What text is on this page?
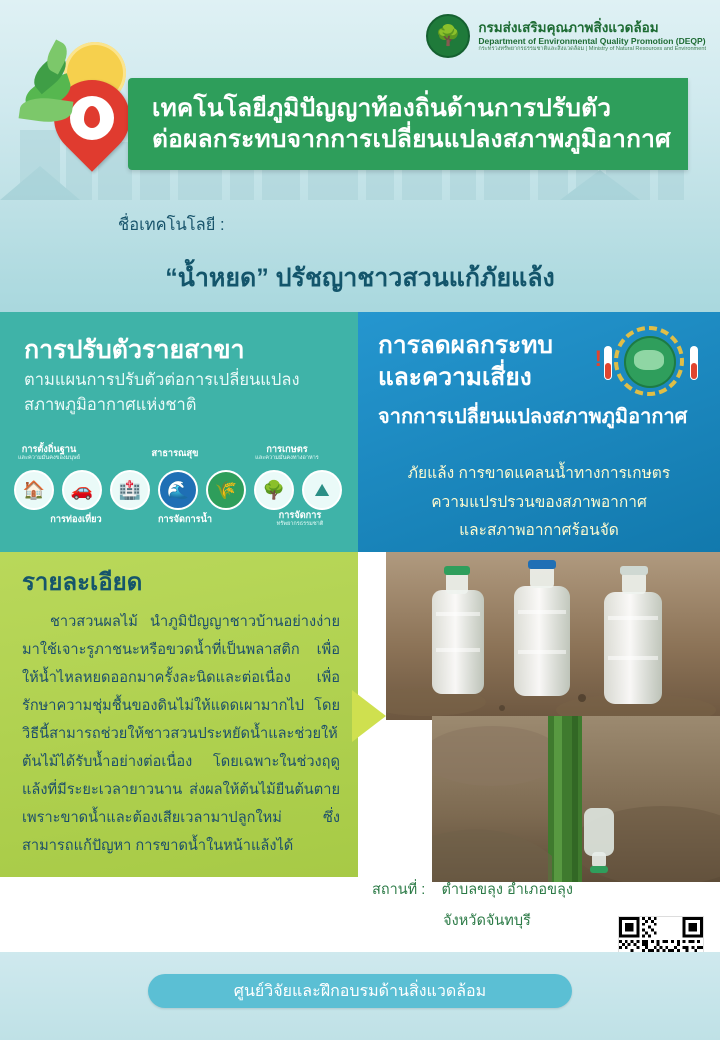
🌳 กรมส่งเสริมคุณภาพสิ่งแวดล้อม
Department of Environmental Quality Promotion (DEQP)
กระทรวงทรัพยากรธรรมชาติและสิ่งแวดล้อม | Ministry of Natural Resources and Environment
เทคโนโลยีภูมิปัญญาท้องถิ่นด้านการปรับตัว
ต่อผลกระทบจากการเปลี่ยนแปลงสภาพภูมิอากาศ
ชื่อเทคโนโลยี :
“น้ำหยด” ปรัชญาชาวสวนแก้ภัยแล้ง
การปรับตัวรายสาขา
ตามแผนการปรับตัวต่อการเปลี่ยนแปลง
สภาพภูมิอากาศแห่งชาติ
การตั้งถิ่นฐาน
และความมั่นคงของมนุษย์
สาธารณสุข	การเกษตร
และความมั่นคงทางอาหาร
🏠	🚗	🏥	🌊	🌾	🌳	⛰
การท่องเที่ยว	การจัดการน้ำ	การจัดการ
ทรัพยากรธรรมชาติ
การลดผลกระทบ
และความเสี่ยง
จากการเปลี่ยนแปลงสภาพภูมิอากาศ
!
ภัยแล้ง การขาดแคลนน้ำทางการเกษตร
ความแปรปรวนของสภาพอากาศ
และสภาพอากาศร้อนจัด
รายละเอียด

ชาวสวนผลไม้ นำภูมิปัญญาชาวบ้านอย่างง่าย มาใช้เจาะรูภาชนะหรือขวดน้ำที่เป็นพลาสติก เพื่อให้น้ำไหลหยดออกมาครั้งละนิดและต่อเนื่อง เพื่อรักษาความชุ่มชื้นของดินไม่ให้แดดเผามากไป โดยวิธีนี้สามารถช่วยให้ชาวสวนประหยัดน้ำและช่วยให้ต้นไม้ได้รับน้ำอย่างต่อเนื่อง โดยเฉพาะในช่วงฤดูแล้งที่มีระยะเวลายาวนาน ส่งผลให้ต้นไม้ยืนต้นตายเพราะขาดน้ำและต้องเสียเวลามาปลูกใหม่ ซึ่งสามารถแก้ปัญหา การขาดน้ำในหน้าแล้งได้

สถานที่ : ตำบลขลุง อำเภอขลุง
จังหวัดจันทบุรี
ศูนย์วิจัยและฝึกอบรมด้านสิ่งแวดล้อม
